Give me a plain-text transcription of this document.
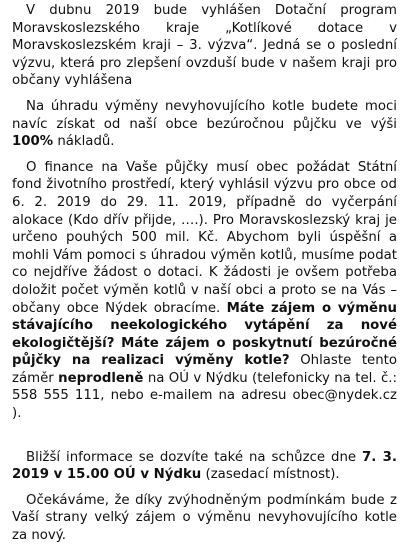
V dubnu 2019 bude vyhlášen Dotační program Moravskoslezského kraje „Kotlíkové dotace v Moravskoslezském kraji – 3. výzva“. Jedná se o poslední výzvu, která pro zlepšení ovzduší bude v našem kraji pro občany vyhlášena

Na úhradu výměny nevyhovujícího kotle budete moci navíc získat od naší obce bezúročnou půjčku ve výši 100% nákladů.

O finance na Vaše půjčky musí obec požádat Státní fond životního prostředí, který vyhlásil výzvu pro obce od 6. 2. 2019 do 29. 11. 2019, případně do vyčerpání alokace (Kdo dřív přijde, ….). Pro Moravskoslezský kraj je určeno pouhých 500 mil. Kč. Abychom byli úspěšní a mohli Vám pomoci s úhradou výměn kotlů, musíme podat co nejdříve žádost o dotaci. K žádosti je ovšem potřeba doložit počet výměn kotlů v naší obci a proto se na Vás – občany obce Nýdek obracíme. Máte zájem o výměnu stávajícího neekologického vytápění za nové ekologičtější? Máte zájem o poskytnutí bezúročné půjčky na realizaci výměny kotle? Ohlaste tento záměr neprodleně na OÚ v Nýdku (telefonicky na tel. č.: 558 555 111, nebo e-mailem na adresu obec@nydek.cz ).

Bližší informace se dozvíte také na schůzce dne 7. 3. 2019 v 15.00 OÚ v Nýdku (zasedací místnost).

Očekáváme, že díky zvýhodněným podmínkám bude z Vaší strany velký zájem o výměnu nevyhovujícího kotle za nový.
